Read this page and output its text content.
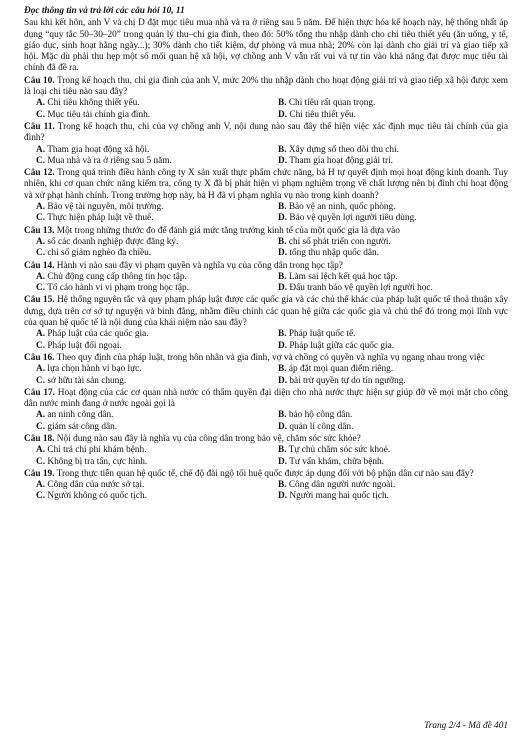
Đọc thông tin và trả lời các câu hỏi 10, 11

Sau khi kết hôn, anh V và chị D đặt mục tiêu mua nhà và ra ở riêng sau 5 năm. Để hiện thực hóa kế hoạch này, hệ thống nhất áp dụng “quy tắc 50–30–20” trong quản lý thu–chi gia đình, theo đó: 50% tổng thu nhập dành cho chi tiêu thiết yếu (ăn uống, y tế, giáo dục, sinh hoạt hằng ngày...); 30% dành cho tiết kiệm, dự phòng và mua nhà; 20% còn lại dành cho giải trí và giao tiếp xã hội. Mặc dù phải thu hẹp một số mối quan hệ xã hội, vợ chồng anh V vẫn rất vui và tự tin vào khả năng đạt được mục tiêu tài chính đã đề ra.

Câu 10. Trong kế hoạch thu, chi gia đình của anh V, mức 20% thu nhập dành cho hoạt động giải trí và giao tiếp xã hội được xem là loại chi tiêu nào sau đây?

A. Chi tiêu không thiết yếu.	B. Chi tiêu rất quan trọng.
C. Mục tiêu tài chính gia đình.	D. Chi tiêu thiết yếu.

Câu 11. Trong kế hoạch thu, chi của vợ chồng anh V, nội dung nào sau đây thể hiện việc xác định mục tiêu tài chính của gia đình?

A. Tham gia hoạt động xã hội.	B. Xây dựng sổ theo dõi thu chi.
C. Mua nhà và ra ở riêng sau 5 năm.	D. Tham gia hoạt động giải trí.

Câu 12. Trong quá trình điều hành công ty X sản xuất thực phẩm chức năng, bà H tự quyết định mọi hoạt động kinh doanh. Tuy nhiên, khi cơ quan chức năng kiểm tra, công ty X đã bị phát hiện vi phạm nghiêm trọng về chất lượng nên bị đình chỉ hoạt động và xử phạt hành chính. Trong trường hợp này, bà H đã vi phạm nghĩa vụ nào trong kinh doanh?

A. Bảo vệ tài nguyên, môi trường.	B. Bảo vệ an ninh, quốc phòng.
C. Thực hiện pháp luật về thuế.	D. Bảo vệ quyền lợi người tiêu dùng.

Câu 13. Một trong những thước đo để đánh giá mức tăng trưởng kinh tế của một quốc gia là dựa vào

A. số các doanh nghiệp được đăng ký.	B. chỉ số phát triển con người.
C. chỉ số giảm nghèo đa chiều.	D. tổng thu nhập quốc dân.

Câu 14. Hành vi nào sau đây vi phạm quyền và nghĩa vụ của công dân trong học tập?

A. Chủ động cung cấp thông tin học tập.	B. Làm sai lệch kết quả học tập.
C. Tố cáo hành vi vi phạm trong học tập.	D. Đấu tranh bảo vệ quyền lợi người học.

Câu 15. Hệ thống nguyên tắc và quy phạm pháp luật được các quốc gia và các chủ thể khác của pháp luật quốc tế thoả thuận xây dựng, dựa trên cơ sở tự nguyện và bình đẳng, nhằm điều chỉnh các quan hệ giữa các quốc gia và chủ thể đó trong mọi lĩnh vực của quan hệ quốc tế là nội dung của khái niệm nào sau đây?

A. Pháp luật của các quốc gia.	B. Pháp luật quốc tế.
C. Pháp luật đối ngoại.	D. Pháp luật giữa các quốc gia.

Câu 16. Theo quy định của pháp luật, trong hôn nhân và gia đình, vợ và chồng có quyền và nghĩa vụ ngang nhau trong việc

A. lựa chọn hành vi bạo lực.	B. áp đặt mọi quan điểm riêng.
C. sở hữu tài sản chung.	D. bài trừ quyền tự do tín ngưỡng.

Câu 17. Hoạt động của các cơ quan nhà nước có thẩm quyền đại diện cho nhà nước thực hiện sự giúp đỡ về mọi mặt cho công dân nước mình đang ở nước ngoài gọi là

A. an ninh công dân.	B. bảo hộ công dân.
C. giám sát công dân.	D. quản lí công dân.

Câu 18. Nội dung nào sau đây là nghĩa vụ của công dân trong bảo vệ, chăm sóc sức khỏe?

A. Chi trả chi phí khám bệnh.	B. Tự chủ chăm sóc sức khoẻ.
C. Không bị tra tấn, cực hình.	D. Tư vấn khám, chữa bệnh.

Câu 19. Trong thực tiễn quan hệ quốc tế, chế độ đãi ngộ tối huệ quốc được áp dụng đối với bộ phận dân cư nào sau đây?

A. Công dân của nước sở tại.	B. Công dân người nước ngoài.
C. Người không có quốc tịch.	D. Người mang hai quốc tịch.
Trang 2/4 - Mã đề 401
